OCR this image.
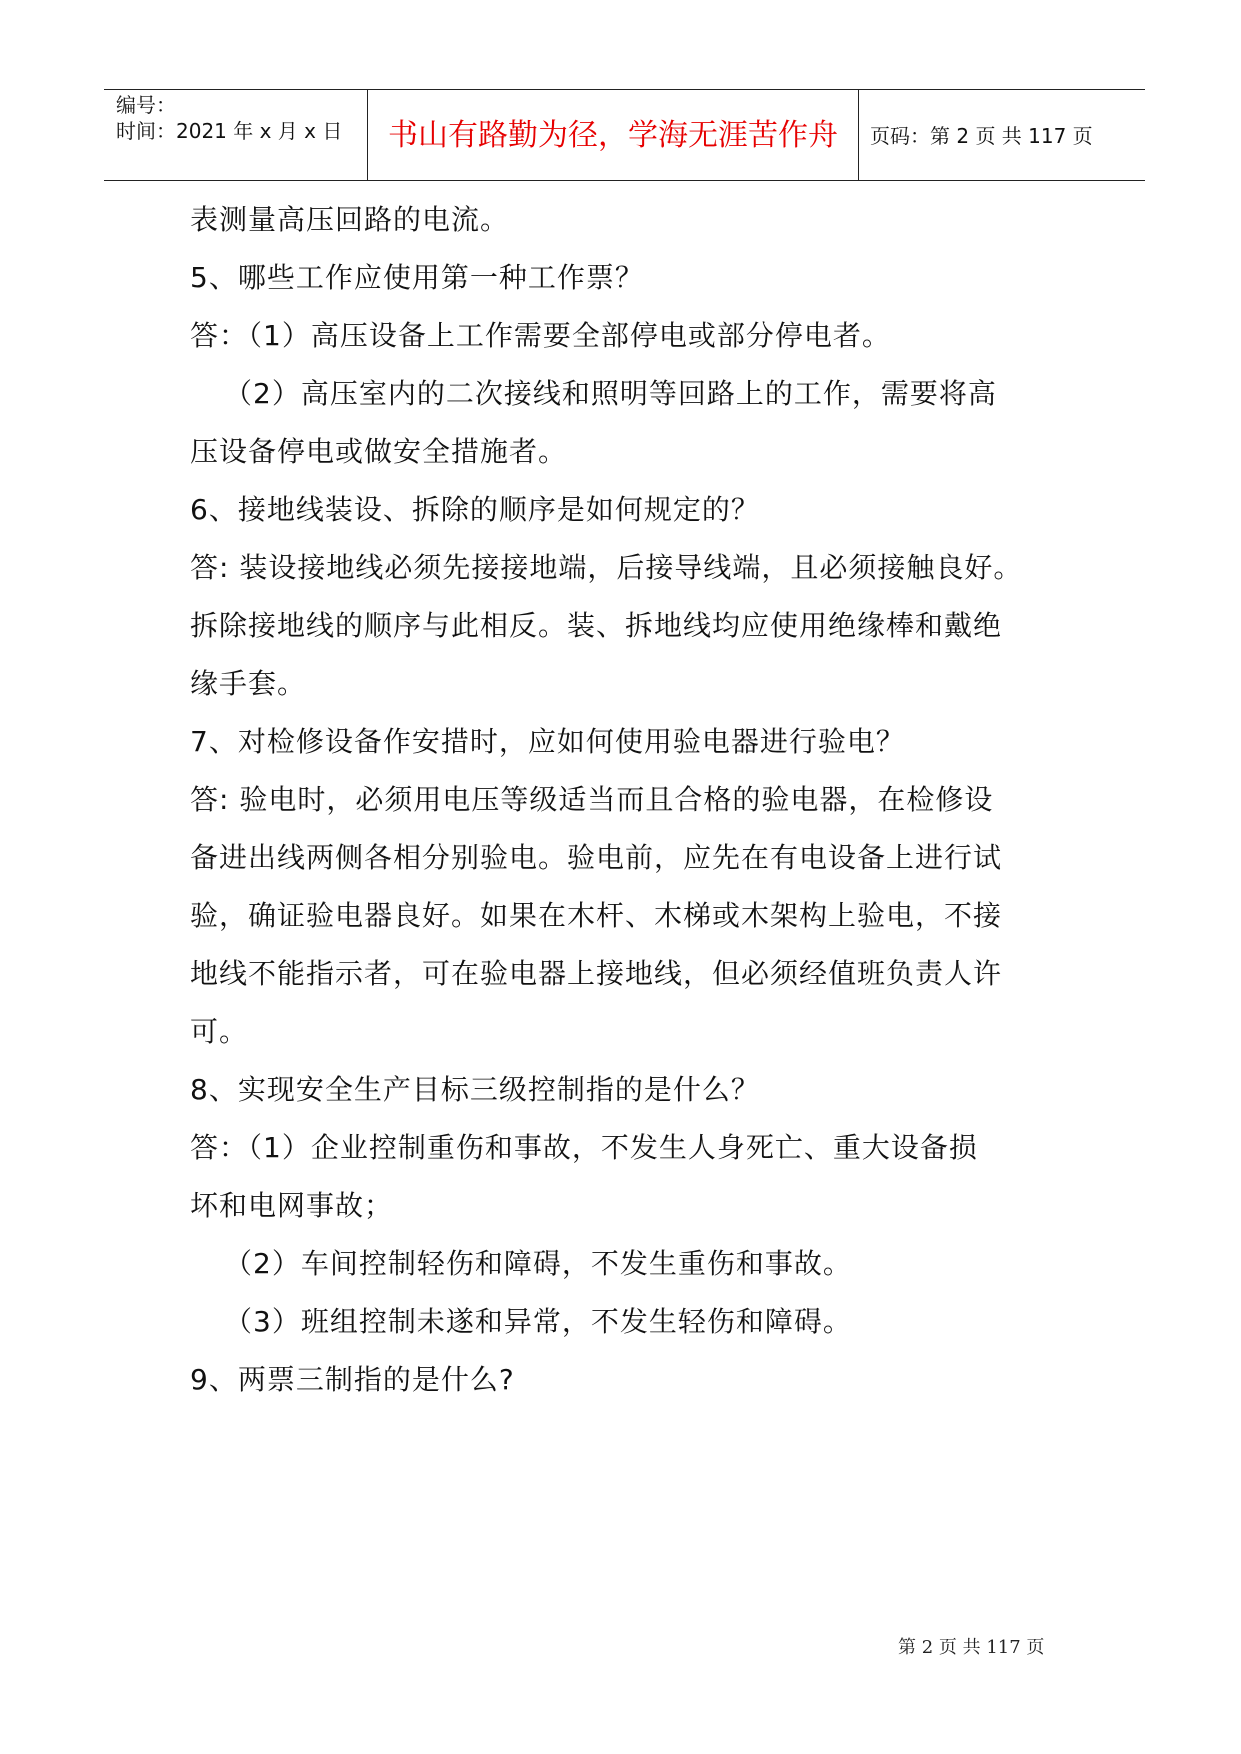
编号：
时间：2021 年 x 月 x 日	书山有路勤为径，学海无涯苦作舟	页码：第 2 页 共 117 页
表测量高压回路的电流。
5、哪些工作应使用第一种工作票？
答：（1）高压设备上工作需要全部停电或部分停电者。
（2）高压室内的二次接线和照明等回路上的工作，需要将高
压设备停电或做安全措施者。
6、接地线装设、拆除的顺序是如何规定的？
答: 装设接地线必须先接接地端，后接导线端，且必须接触良好。
拆除接地线的顺序与此相反。装、拆地线均应使用绝缘棒和戴绝
缘手套。
7、对检修设备作安措时，应如何使用验电器进行验电？
答: 验电时，必须用电压等级适当而且合格的验电器，在检修设
备进出线两侧各相分别验电。验电前，应先在有电设备上进行试
验，确证验电器良好。如果在木杆、木梯或木架构上验电，不接
地线不能指示者，可在验电器上接地线，但必须经值班负责人许
可。
8、实现安全生产目标三级控制指的是什么？
答：（1）企业控制重伤和事故，不发生人身死亡、重大设备损
坏和电网事故；
（2）车间控制轻伤和障碍，不发生重伤和事故。
（3）班组控制未遂和异常，不发生轻伤和障碍。
9、两票三制指的是什么?
第 2 页 共 117 页
